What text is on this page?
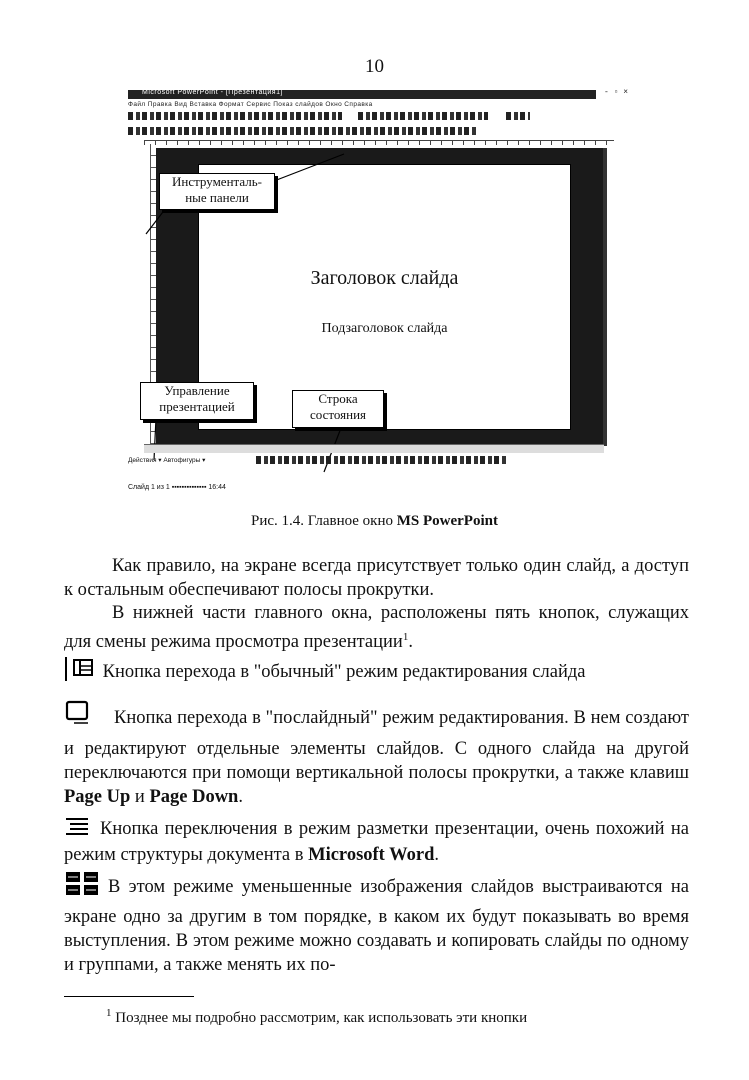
10
Microsoft PowerPoint - [Презентация1]	- ▫ ×
Файл Правка Вид Вставка Формат Сервис Показ слайдов Окно Справка
Заголовок слайда
Подзаголовок слайда
Инструменталь-
ные панели
Управление
презентацией
Строка
состояния
Действия ▾ Автофигуры ▾
Слайд 1 из 1 ▪▪▪▪▪▪▪▪▪▪▪▪▪▪ 16:44
Рис. 1.4. Главное окно MS PowerPoint
Как правило, на экране всегда присутствует только один слайд, а доступ к остальным обеспечивают полосы прокрутки.
В нижней части главного окна, расположены пять кнопок, служащих для смены режима просмотра презентации$^1$.
Кнопка перехода в "обычный" режим редактирования слайда
Кнопка перехода в "послайдный" режим редактирования. В нем создают и редактируют отдельные элементы слайдов. С одного слайда на другой переключаются при помощи вертикальной полосы прокрутки, а также клавиш Page Up и Page Down.
Кнопка переключения в режим разметки презентации, очень похожий на режим структуры документа в Microsoft Word.
В этом режиме уменьшенные изображения слайдов выстраиваются на экране одно за другим в том порядке, в каком их будут показывать во время выступления. В этом режиме можно создавать и копировать слайды по одному и группами, а также менять их по-
$^1$ Позднее мы подробно рассмотрим, как использовать эти кнопки
